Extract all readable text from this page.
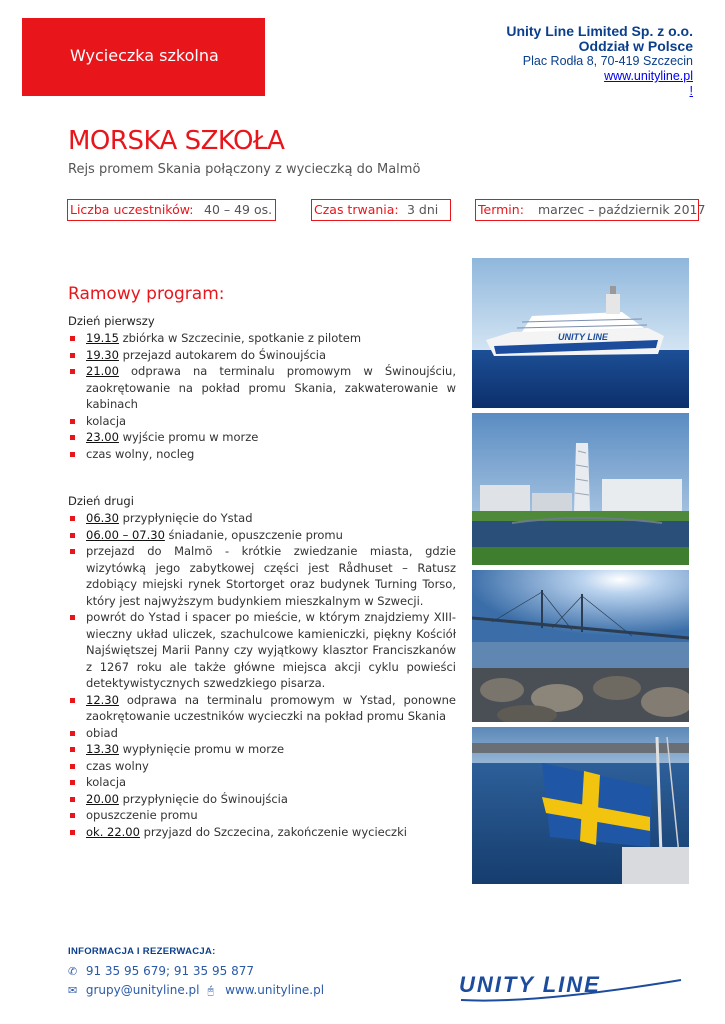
Wycieczka szkolna
Unity Line Limited Sp. z o.o.
Oddział w Polsce
Plac Rodła 8, 70-419 Szczecin
www.unityline.pl
!
MORSKA SZKOŁA
Rejs promem Skania połączony z wycieczką do Malmö
Liczba uczestników: 40 – 49 os.	Czas trwania: 3 dni	Termin: marzec – październik 2017
Ramowy program:
Dzień pierwszy
19.15 zbiórka w Szczecinie, spotkanie z pilotem
19.30 przejazd autokarem do Świnoujścia
21.00 odprawa na terminalu promowym w Świnoujściu, zaokrętowanie na pokład promu Skania, zakwaterowanie w kabinach
kolacja
23.00 wyjście promu w morze
czas wolny, nocleg
Dzień drugi
06.30 przypłynięcie do Ystad
06.00 – 07.30 śniadanie, opuszczenie promu
przejazd do Malmö - krótkie zwiedzanie miasta, gdzie wizytówką jego zabytkowej części jest Rådhuset – Ratusz zdobiący miejski rynek Stortorget oraz budynek Turning Torso, który jest najwyższym budynkiem mieszkalnym w Szwecji.
powrót do Ystad i spacer po mieście, w którym znajdziemy XIII-wieczny układ uliczek, szachulcowe kamieniczki, piękny Kościół Najświętszej Marii Panny czy wyjątkowy klasztor Franciszkanów z 1267 roku ale także główne miejsca akcji cyklu powieści detektywistycznych szwedzkiego pisarza.
12.30 odprawa na terminalu promowym w Ystad, ponowne zaokrętowanie uczestników wycieczki na pokład promu Skania
obiad
13.30 wypłynięcie promu w morze
czas wolny
kolacja
20.00 przypłynięcie do Świnoujścia
opuszczenie promu
ok. 22.00 przyjazd do Szczecina, zakończenie wycieczki
UNITY LINE
INFORMACJA I REZERWACJA:
✆ 91 35 95 679; 91 35 95 877
✉ grupy@unityline.pl 🖰 www.unityline.pl	UNITY LINE
